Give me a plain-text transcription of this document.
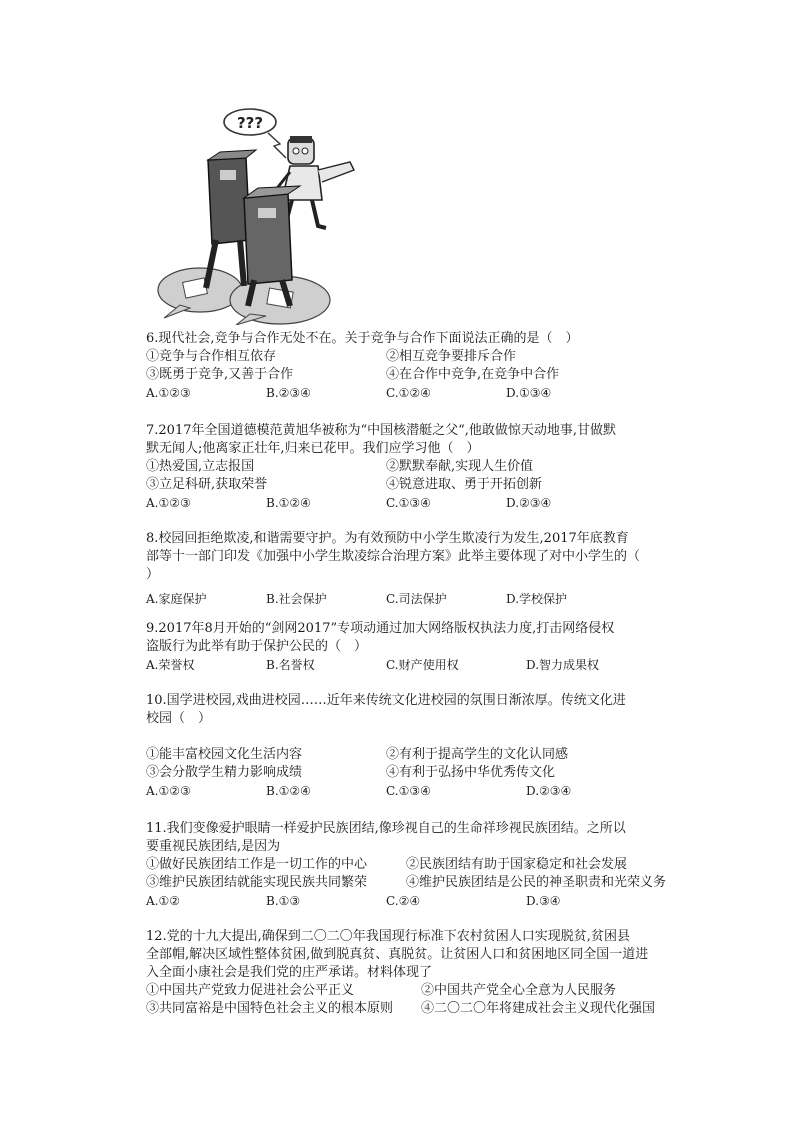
???

6.现代社会,竞争与合作无处不在。关于竞争与合作下面说法正确的是（　）

①竞争与合作相互依存	②相互竞争要排斥合作
③既勇于竞争,又善于合作	④在合作中竞争,在竞争中合作
A.①②③	B.②③④	C.①②④	D.①③④

7.2017年全国道德模范黄旭华被称为“中国核潜艇之父“,他敢做惊天动地事,甘做默

默无闻人;他离家正壮年,归来已花甲。我们应学习他（　）

①热爱国,立志报国	②默默奉献,实现人生价值
③立足科研,获取荣誉	④锐意进取、勇于开拓创新
A.①②③	B.①②④	C.①③④	D.②③④

8.校园回拒绝欺凌,和谐需要守护。为有效预防中小学生欺凌行为发生,2017年底教育

部等十一部门印发《加强中小学生欺凌综合治理方案》此举主要体现了对中小学生的（

）

A.家庭保护	B.社会保护	C.司法保护	D.学校保护

9.2017年8月开始的“剑网2017”专项动通过加大网络版权执法力度,打击网络侵权

盗版行为此举有助于保护公民的（　）

A.荣誉权	B.名誉权	C.财产使用权	D.智力成果权

10.国学进校园,戏曲进校园……近年来传统文化进校园的氛围日渐浓厚。传统文化进

校园（　）

①能丰富校园文化生活内容	②有利于提高学生的文化认同感
③会分散学生精力影响成绩	④有利于弘扬中华优秀传文化
A.①②③	B.①②④	C.①③④	D.②③④

11.我们变像爱护眼睛一样爱护民族团结,像珍视自己的生命祥珍视民族团结。之所以

要重视民族团结,是因为

①做好民族团结工作是一切工作的中心	②民族团结有助于国家稳定和社会发展
③维护民族团结就能实现民族共同繁荣	④维护民族团结是公民的神圣职责和光荣义务
A.①②	B.①③	C.②④	D.③④

12.党的十九大提出,确保到二〇二〇年我国现行标准下农村贫困人口实现脱贫,贫困县

全部帽,解决区域性整体贫困,做到脱真贫、真脱贫。让贫困人口和贫困地区同全国一道进

入全面小康社会是我们党的庄严承诺。材料体现了

①中国共产党致力促进社会公平正义	②中国共产党全心全意为人民服务
③共同富裕是中国特色社会主义的根本原则	④二〇二〇年将建成社会主义现代化强国
